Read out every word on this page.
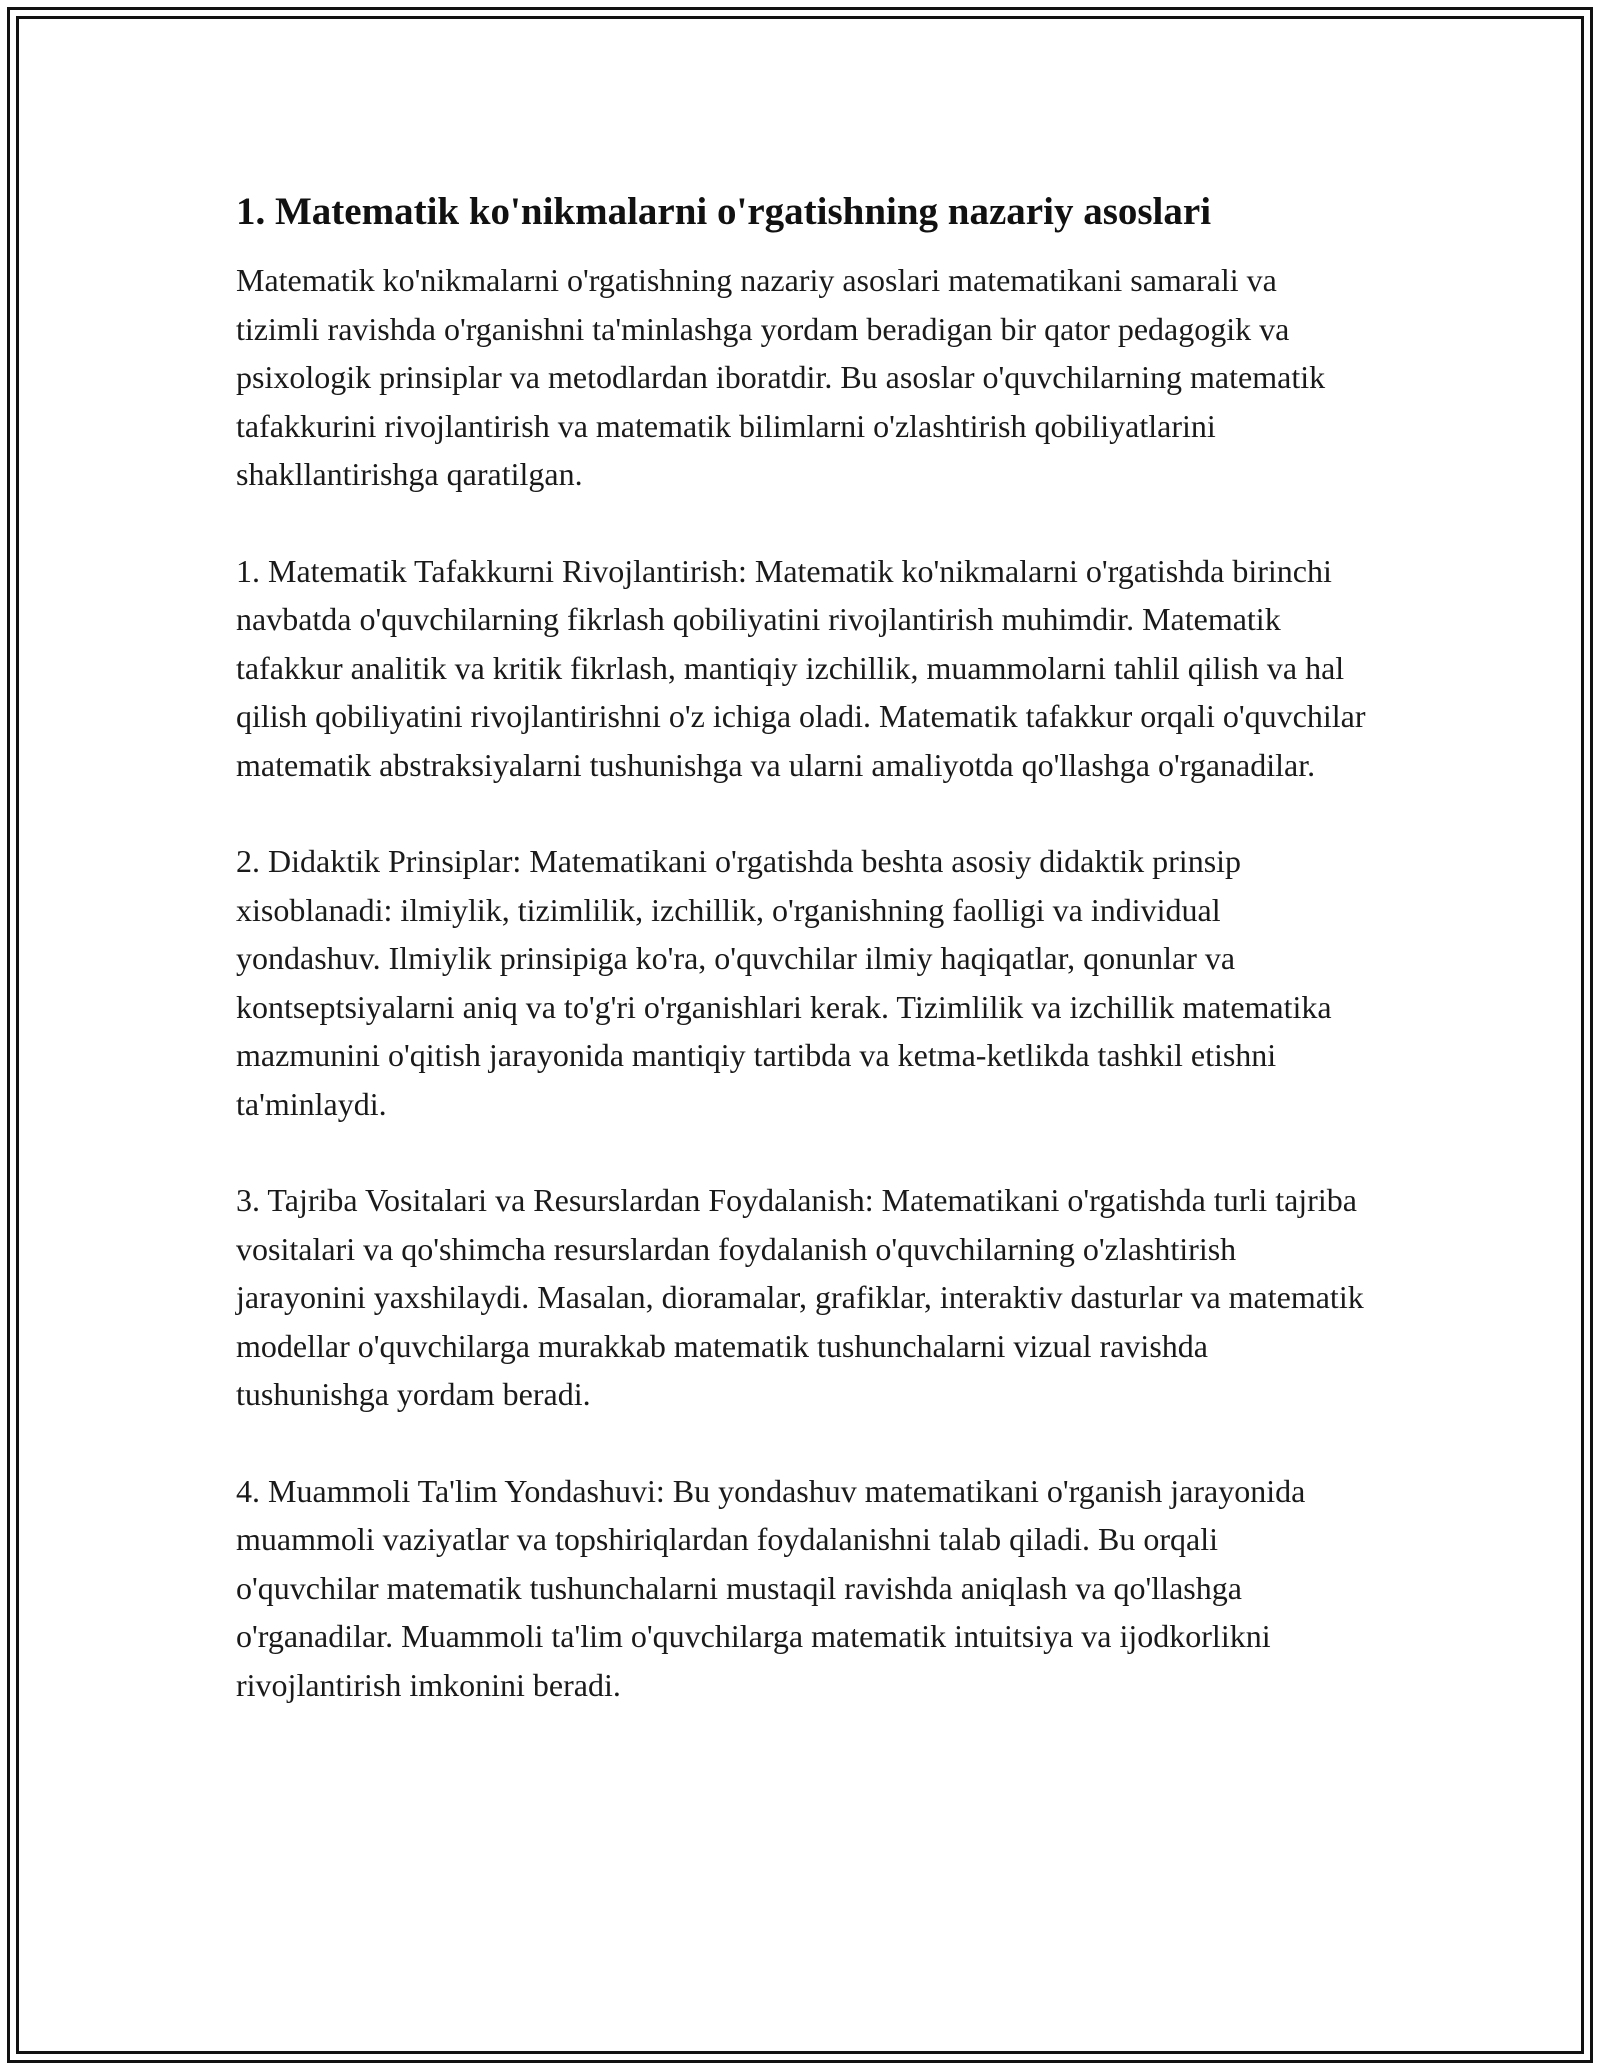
1. Matematik ko'nikmalarni o'rgatishning nazariy asoslari

Matematik ko'nikmalarni o'rgatishning nazariy asoslari matematikani samarali va tizimli ravishda o'rganishni ta'minlashga yordam beradigan bir qator pedagogik va psixologik prinsiplar va metodlardan iboratdir. Bu asoslar o'quvchilarning matematik tafakkurini rivojlantirish va matematik bilimlarni o'zlashtirish qobiliyatlarini shakllantirishga qaratilgan.

1. Matematik Tafakkurni Rivojlantirish: Matematik ko'nikmalarni o'rgatishda birinchi navbatda o'quvchilarning fikrlash qobiliyatini rivojlantirish muhimdir. Matematik tafakkur analitik va kritik fikrlash, mantiqiy izchillik, muammolarni tahlil qilish va hal qilish qobiliyatini rivojlantirishni o'z ichiga oladi. Matematik tafakkur orqali o'quvchilar matematik abstraksiyalarni tushunishga va ularni amaliyotda qo'llashga o'rganadilar.

2. Didaktik Prinsiplar: Matematikani o'rgatishda beshta asosiy didaktik prinsip xisoblanadi: ilmiylik, tizimlilik, izchillik, o'rganishning faolligi va individual yondashuv. Ilmiylik prinsipiga ko'ra, o'quvchilar ilmiy haqiqatlar, qonunlar va kontseptsiyalarni aniq va to'g'ri o'rganishlari kerak. Tizimlilik va izchillik matematika mazmunini o'qitish jarayonida mantiqiy tartibda va ketma-ketlikda tashkil etishni ta'minlaydi.

3. Tajriba Vositalari va Resurslardan Foydalanish: Matematikani o'rgatishda turli tajriba vositalari va qo'shimcha resurslardan foydalanish o'quvchilarning o'zlashtirish jarayonini yaxshilaydi. Masalan, dioramalar, grafiklar, interaktiv dasturlar va matematik modellar o'quvchilarga murakkab matematik tushunchalarni vizual ravishda tushunishga yordam beradi.

4. Muammoli Ta'lim Yondashuvi: Bu yondashuv matematikani o'rganish jarayonida muammoli vaziyatlar va topshiriqlardan foydalanishni talab qiladi. Bu orqali o'quvchilar matematik tushunchalarni mustaqil ravishda aniqlash va qo'llashga o'rganadilar. Muammoli ta'lim o'quvchilarga matematik intuitsiya va ijodkorlikni rivojlantirish imkonini beradi.
